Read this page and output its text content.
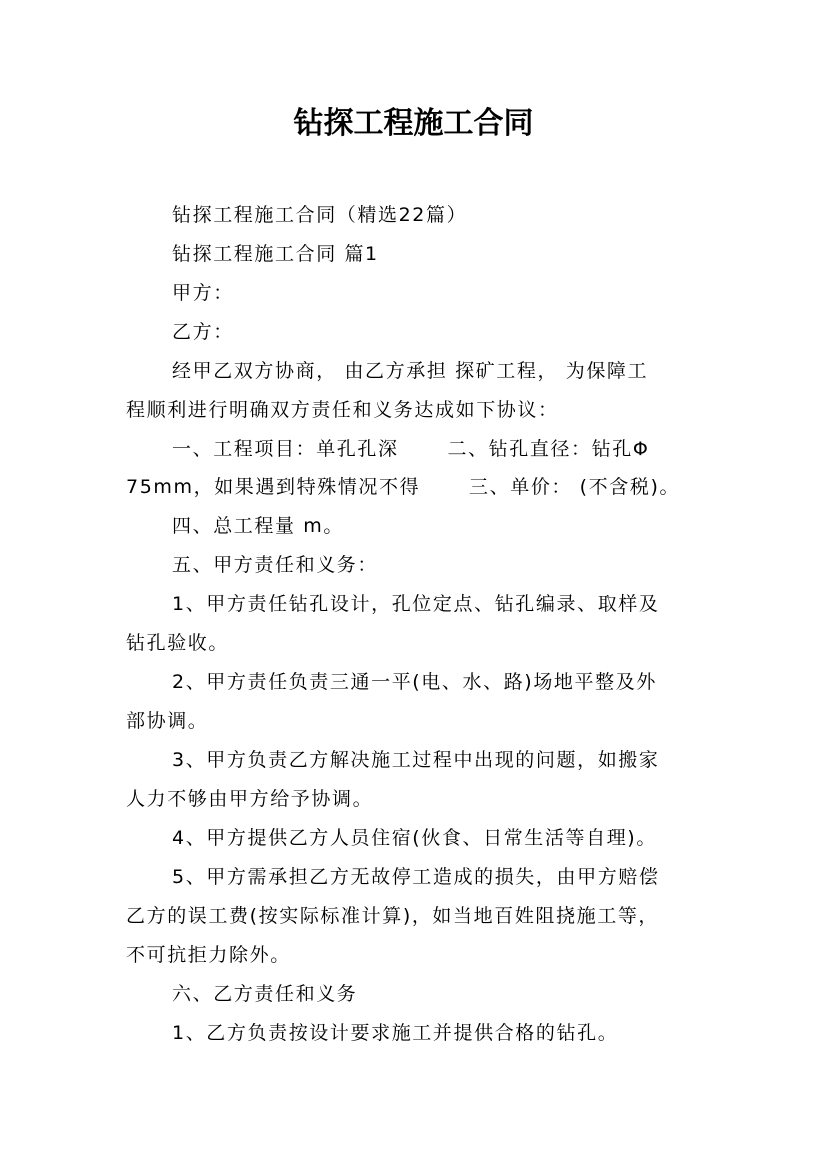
钻探工程施工合同
钻探工程施工合同（精选22篇）
钻探工程施工合同 篇1
甲方：
乙方：
经甲乙双方协商， 由乙方承担 探矿工程， 为保障工
程顺利进行明确双方责任和义务达成如下协议：
一、工程项目：单孔孔深　　 二、钻孔直径：钻孔Φ
75mm，如果遇到特殊情况不得　　 三、单价： (不含税)。
四、总工程量 m。
五、甲方责任和义务：
1、甲方责任钻孔设计，孔位定点、钻孔编录、取样及
钻孔验收。
2、甲方责任负责三通一平(电、水、路)场地平整及外
部协调。
3、甲方负责乙方解决施工过程中出现的问题，如搬家
人力不够由甲方给予协调。
4、甲方提供乙方人员住宿(伙食、日常生活等自理)。
5、甲方需承担乙方无故停工造成的损失，由甲方赔偿
乙方的误工费(按实际标准计算)，如当地百姓阻挠施工等，
不可抗拒力除外。
六、乙方责任和义务
1、乙方负责按设计要求施工并提供合格的钻孔。
